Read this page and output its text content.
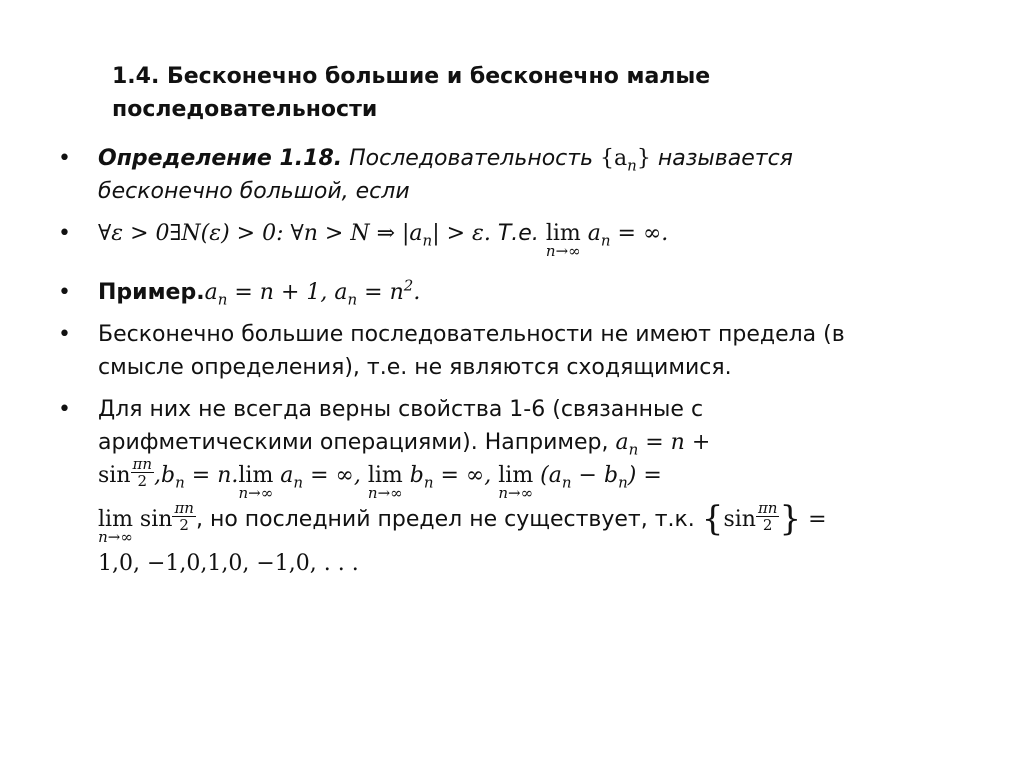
1.4. Бесконечно большие и бесконечно малые
последовательности
• Определение 1.18. Последовательность $\{a_n\}$ называется
бесконечно большой, если
• ∀ε > 0∃N(ε) > 0: ∀n > N ⇒ $|a_n| > \varepsilon$. Т.е. lim
n→∞
$a_n$ = ∞.
• $Пример.a_n = n + 1$, $a_n = n^2$.
• Бесконечно большие последовательности не имеют предела (в
смысле определения), т.е. не являются сходящимися.
• Для них не всегда верны свойства 1-6 (связанные с
арифметическими операциями). Например, $a_n = n$ +
$\sin \frac{\pi n}{2} ,b_n = n$. lim
n→∞
$a_n$ = ∞, lim
n→∞
$b_n$ = ∞, lim
n→∞
$(a_n - b_n)$ =
lim
n→∞
$\sin \frac{\pi n}{2}$ , но последний предел не существует, т.к. {$\sin \frac{\pi n}{2}$ } =
1,0, −1,0,1,0, −1,0, . . .
